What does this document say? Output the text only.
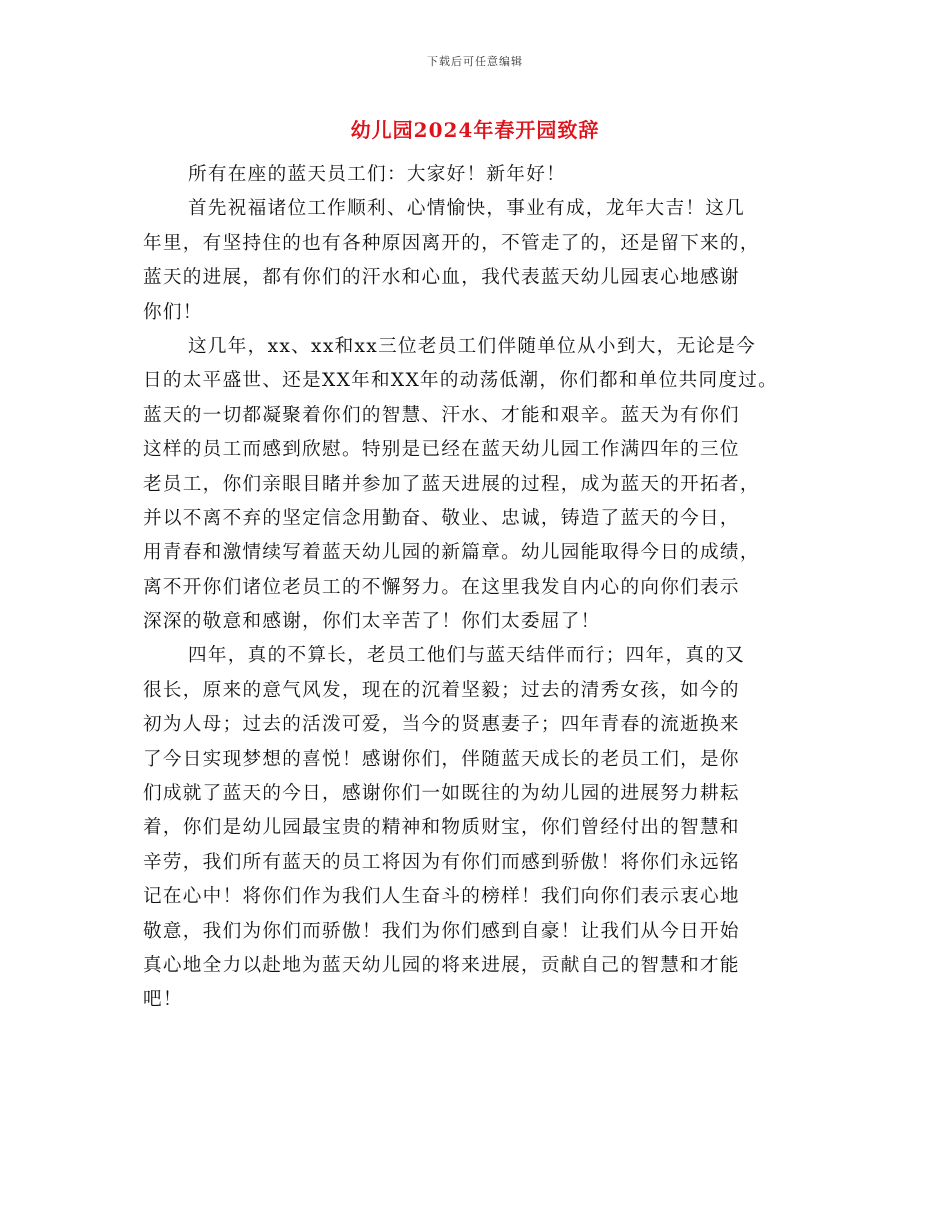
下载后可任意编辑
幼儿园2024年春开园致辞
所有在座的蓝天员工们：大家好！新年好！
首先祝福诸位工作顺利、心情愉快，事业有成，龙年大吉！这几
年里，有坚持住的也有各种原因离开的，不管走了的，还是留下来的，
蓝天的进展，都有你们的汗水和心血，我代表蓝天幼儿园衷心地感谢
你们！
这几年，xx、xx和xx三位老员工们伴随单位从小到大，无论是今
日的太平盛世、还是XX年和XX年的动荡低潮，你们都和单位共同度过。
蓝天的一切都凝聚着你们的智慧、汗水、才能和艰辛。蓝天为有你们
这样的员工而感到欣慰。特别是已经在蓝天幼儿园工作满四年的三位
老员工，你们亲眼目睹并参加了蓝天进展的过程，成为蓝天的开拓者，
并以不离不弃的坚定信念用勤奋、敬业、忠诚，铸造了蓝天的今日，
用青春和激情续写着蓝天幼儿园的新篇章。幼儿园能取得今日的成绩，
离不开你们诸位老员工的不懈努力。在这里我发自内心的向你们表示
深深的敬意和感谢，你们太辛苦了！你们太委屈了！
四年，真的不算长，老员工他们与蓝天结伴而行；四年，真的又
很长，原来的意气风发，现在的沉着坚毅；过去的清秀女孩，如今的
初为人母；过去的活泼可爱，当今的贤惠妻子；四年青春的流逝换来
了今日实现梦想的喜悦！感谢你们，伴随蓝天成长的老员工们，是你
们成就了蓝天的今日，感谢你们一如既往的为幼儿园的进展努力耕耘
着，你们是幼儿园最宝贵的精神和物质财宝，你们曾经付出的智慧和
辛劳，我们所有蓝天的员工将因为有你们而感到骄傲！将你们永远铭
记在心中！将你们作为我们人生奋斗的榜样！我们向你们表示衷心地
敬意，我们为你们而骄傲！我们为你们感到自豪！让我们从今日开始
真心地全力以赴地为蓝天幼儿园的将来进展，贡献自己的智慧和才能
吧！
